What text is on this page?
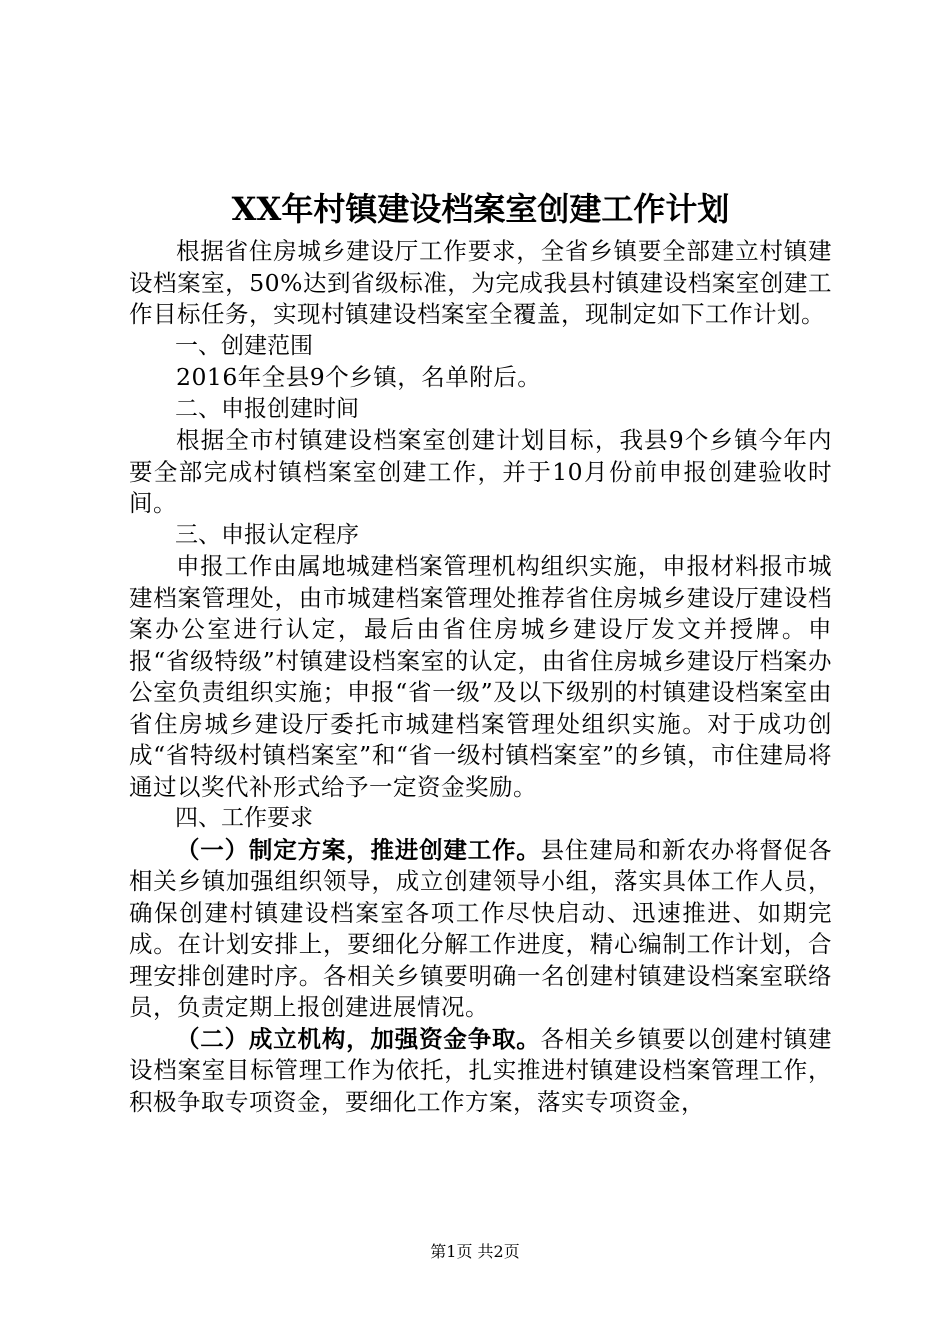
XX年村镇建设档案室创建工作计划

根据省住房城乡建设厅工作要求，全省乡镇要全部建立村镇建设档案室，50%达到省级标准，为完成我县村镇建设档案室创建工作目标任务，实现村镇建设档案室全覆盖，现制定如下工作计划。

一、创建范围

2016年全县9个乡镇，名单附后。

二、申报创建时间

根据全市村镇建设档案室创建计划目标，我县9个乡镇今年内要全部完成村镇档案室创建工作，并于10月份前申报创建验收时间。

三、申报认定程序

申报工作由属地城建档案管理机构组织实施，申报材料报市城建档案管理处，由市城建档案管理处推荐省住房城乡建设厅建设档案办公室进行认定，最后由省住房城乡建设厅发文并授牌。申报“省级特级”村镇建设档案室的认定，由省住房城乡建设厅档案办公室负责组织实施；申报“省一级”及以下级别的村镇建设档案室由省住房城乡建设厅委托市城建档案管理处组织实施。对于成功创成“省特级村镇档案室”和“省一级村镇档案室”的乡镇，市住建局将通过以奖代补形式给予一定资金奖励。

四、工作要求

（一）制定方案，推进创建工作。县住建局和新农办将督促各相关乡镇加强组织领导，成立创建领导小组，落实具体工作人员，确保创建村镇建设档案室各项工作尽快启动、迅速推进、如期完成。在计划安排上，要细化分解工作进度，精心编制工作计划，合理安排创建时序。各相关乡镇要明确一名创建村镇建设档案室联络员，负责定期上报创建进展情况。

（二）成立机构，加强资金争取。各相关乡镇要以创建村镇建设档案室目标管理工作为依托，扎实推进村镇建设档案管理工作，积极争取专项资金，要细化工作方案，落实专项资金，

第1页 共2页
